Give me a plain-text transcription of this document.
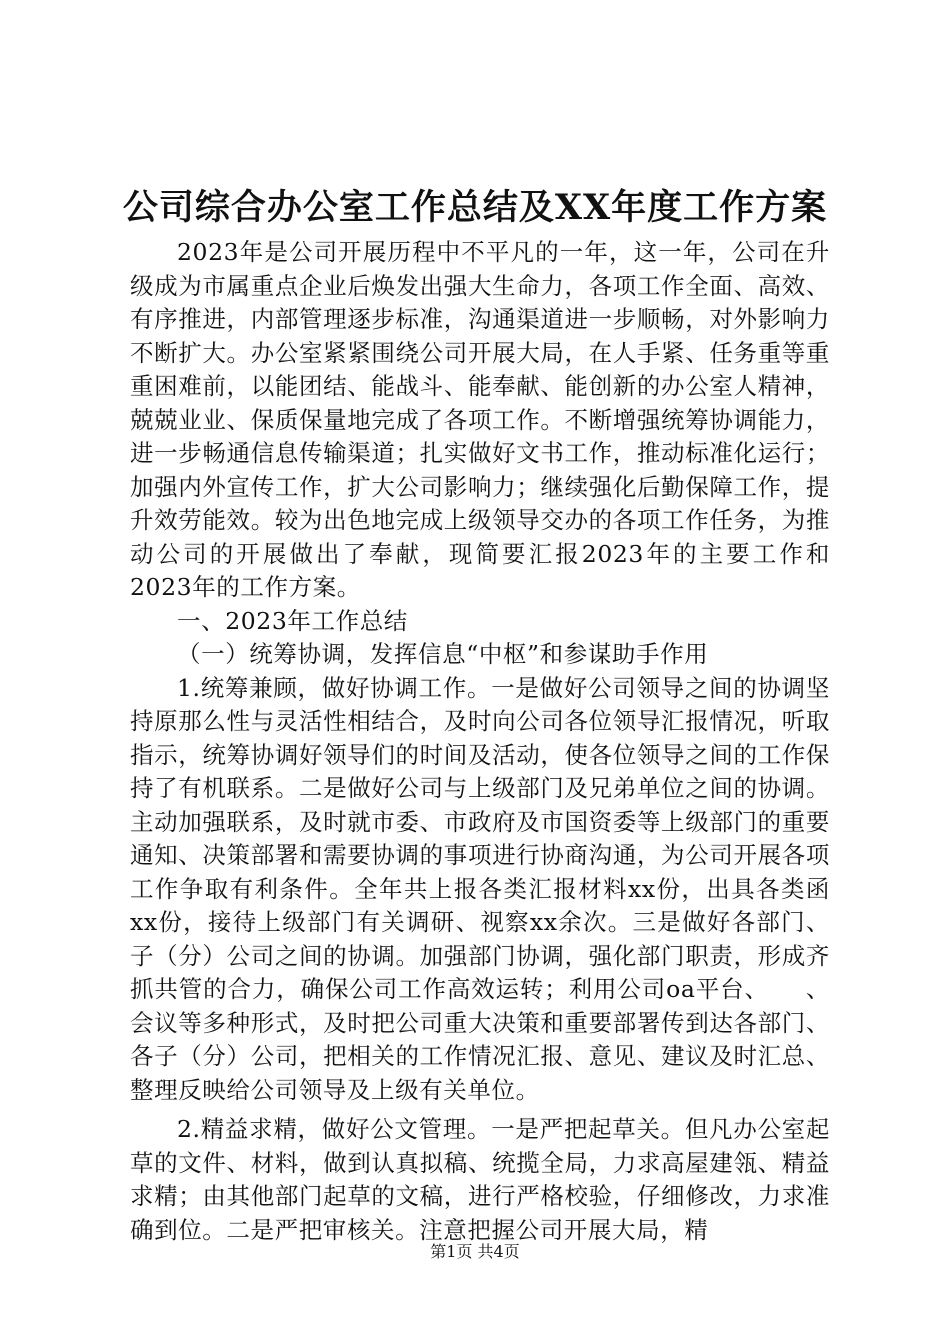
公司综合办公室工作总结及XX年度工作方案

2023年是公司开展历程中不平凡的一年，这一年，公司在升级成为市属重点企业后焕发出强大生命力，各项工作全面、高效、有序推进，内部管理逐步标准，沟通渠道进一步顺畅，对外影响力不断扩大。办公室紧紧围绕公司开展大局，在人手紧、任务重等重重困难前，以能团结、能战斗、能奉献、能创新的办公室人精神，兢兢业业、保质保量地完成了各项工作。不断增强统筹协调能力，进一步畅通信息传输渠道；扎实做好文书工作，推动标准化运行；加强内外宣传工作，扩大公司影响力；继续强化后勤保障工作，提升效劳能效。较为出色地完成上级领导交办的各项工作任务，为推动公司的开展做出了奉献，现简要汇报2023年的主要工作和2023年的工作方案。

一、2023年工作总结

（一）统筹协调，发挥信息“中枢”和参谋助手作用

1.统筹兼顾，做好协调工作。一是做好公司领导之间的协调坚持原那么性与灵活性相结合，及时向公司各位领导汇报情况，听取指示，统筹协调好领导们的时间及活动，使各位领导之间的工作保持了有机联系。二是做好公司与上级部门及兄弟单位之间的协调。主动加强联系，及时就市委、市政府及市国资委等上级部门的重要通知、决策部署和需要协调的事项进行协商沟通，为公司开展各项工作争取有利条件。全年共上报各类汇报材料xx份，出具各类函xx份，接待上级部门有关调研、视察xx余次。三是做好各部门、子（分）公司之间的协调。加强部门协调，强化部门职责，形成齐抓共管的合力，确保公司工作高效运转；利用公司oa平台、　　、会议等多种形式，及时把公司重大决策和重要部署传到达各部门、各子（分）公司，把相关的工作情况汇报、意见、建议及时汇总、整理反映给公司领导及上级有关单位。

2.精益求精，做好公文管理。一是严把起草关。但凡办公室起草的文件、材料，做到认真拟稿、统揽全局，力求高屋建瓴、精益求精；由其他部门起草的文稿，进行严格校验，仔细修改，力求准确到位。二是严把审核关。注意把握公司开展大局，精

第1页 共4页
